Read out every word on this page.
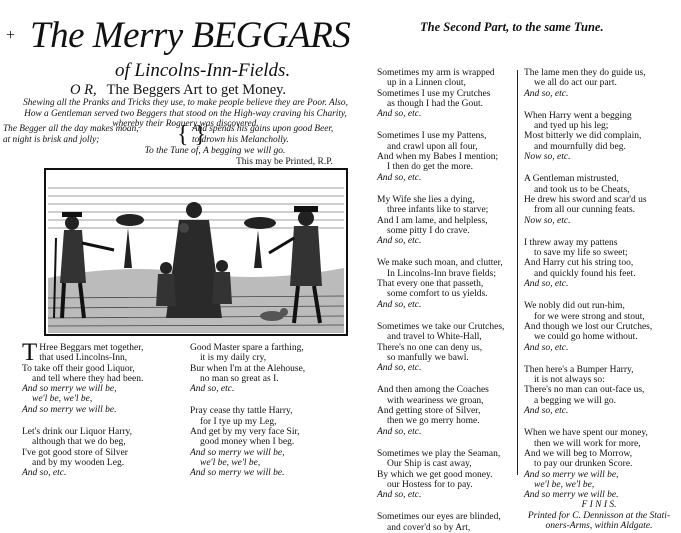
+ The Merry BEGGARS
of Lincolns-Inn-Fields.
O R, The Beggers Art to get Money.
Shewing all the Pranks and Tricks they use, to make people believe they are Poor. Also,
How a Gentleman served two Beggers that stood on the High-way craving his Charity,
whereby their Roguery was discovered.
The Begger all the day makes moan,
at night is brisk and jolly;	{ }
And spends his gains upon good Beer,
to drown his Melancholly.
To the Tune of, A begging we will go.
This may be Printed, R.P.
T Hree Beggars met together,
that used Lincolns-Inn,
To take off their good Liquor,
and tell where they had been.
And so merry we will be,
we'l be, we'l be,
And so merry we will be.
Let's drink our Liquor Harry,
although that we do beg,
I've got good store of Silver
and by my wooden Leg.
And so, etc.
Good Master spare a farthing,
it is my daily cry,
Bur when I'm at the Alehouse,
no man so great as I.
And so, etc.
Pray cease thy tattle Harry,
for I tye up my Leg,
And get by my very face Sir,
good money when I beg.
And so merry we will be,
we'l be, we'l be,
And so merry we will be.
The Second Part, to the same Tune.
Sometimes my arm is wrapped
up in a Linnen clout,
Sometimes I use my Crutches
as though I had the Gout.
And so, etc.
Sometimes I use my Pattens,
and crawl upon all four,
And when my Babes I mention;
I then do get the more.
And so, etc.
My Wife she lies a dying,
three infants like to starve;
And I am lame, and helpless,
some pitty I do crave.
And so, etc.
We make such moan, and clutter,
In Lincolns-Inn brave fields;
That every one that passeth,
some comfort to us yields.
And so, etc.
Sometimes we take our Crutches,
and travel to White-Hall,
There's no one can deny us,
so manfully we bawl.
And so, etc.
And then among the Coaches
with weariness we groan,
And getting store of Silver,
then we go merry home.
And so, etc.
Sometimes we play the Seaman,
Our Ship is cast away,
By which we get good money.
our Hostess for to pay.
And so, etc.
Sometimes our eyes are blinded,
and cover'd so by Art,
The lame men they do guide us,
we all do act our part.
And so, etc.
When Harry went a begging
and tyed up his leg;
Most bitterly we did complain,
and mournfully did beg.
Now so, etc.
A Gentleman mistrusted,
and took us to be Cheats,
He drew his sword and scar'd us
from all our cunning feats.
Now so, etc.
I threw away my pattens
to save my life so sweet;
And Harry cut his string too,
and quickly found his feet.
And so, etc.
We nobly did out run-him,
for we were strong and stout,
And though we lost our Crutches,
we could go home without.
And so, etc.
Then here's a Bumper Harry,
it is not always so:
There's no man can out-face us,
a begging we will go.
And so, etc.
When we have spent our money,
then we will work for more,
And we will beg to Morrow,
to pay our drunken Score.
And so merry we will be,
we'l be, we'l be,
And so merry we will be.
F I N I S.
Printed for C. Dennisson at the Stati-
oners-Arms, within Aldgate.
